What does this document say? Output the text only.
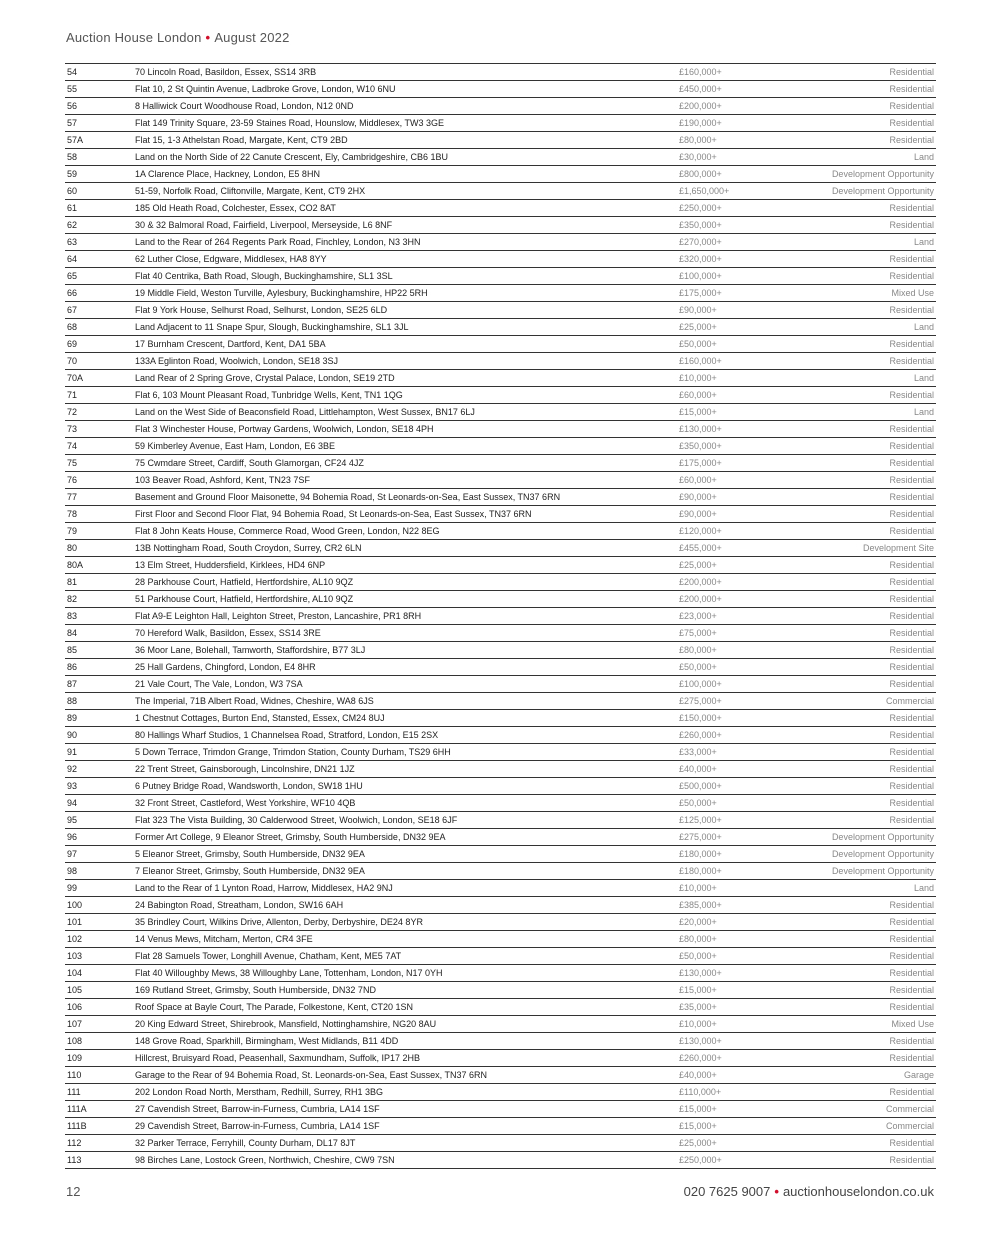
Auction House London • August 2022
54	70 Lincoln Road, Basildon, Essex, SS14 3RB	£160,000+	Residential
55	Flat 10, 2 St Quintin Avenue, Ladbroke Grove, London, W10 6NU	£450,000+	Residential
56	8 Halliwick Court Woodhouse Road, London, N12 0ND	£200,000+	Residential
57	Flat 149 Trinity Square, 23-59 Staines Road, Hounslow, Middlesex, TW3 3GE	£190,000+	Residential
57A	Flat 15, 1-3 Athelstan Road, Margate, Kent, CT9 2BD	£80,000+	Residential
58	Land on the North Side of 22 Canute Crescent, Ely, Cambridgeshire, CB6 1BU	£30,000+	Land
59	1A Clarence Place, Hackney, London, E5 8HN	£800,000+	Development Opportunity
60	51-59, Norfolk Road, Cliftonville, Margate, Kent, CT9 2HX	£1,650,000+	Development Opportunity
61	185 Old Heath Road, Colchester, Essex, CO2 8AT	£250,000+	Residential
62	30 & 32 Balmoral Road, Fairfield, Liverpool, Merseyside, L6 8NF	£350,000+	Residential
63	Land to the Rear of 264 Regents Park Road, Finchley, London, N3 3HN	£270,000+	Land
64	62 Luther Close, Edgware, Middlesex, HA8 8YY	£320,000+	Residential
65	Flat 40 Centrika, Bath Road, Slough, Buckinghamshire, SL1 3SL	£100,000+	Residential
66	19 Middle Field, Weston Turville, Aylesbury, Buckinghamshire, HP22 5RH	£175,000+	Mixed Use
67	Flat 9 York House, Selhurst Road, Selhurst, London, SE25 6LD	£90,000+	Residential
68	Land Adjacent to 11 Snape Spur, Slough, Buckinghamshire, SL1 3JL	£25,000+	Land
69	17 Burnham Crescent, Dartford, Kent, DA1 5BA	£50,000+	Residential
70	133A Eglinton Road, Woolwich, London, SE18 3SJ	£160,000+	Residential
70A	Land Rear of 2 Spring Grove, Crystal Palace, London, SE19 2TD	£10,000+	Land
71	Flat 6, 103 Mount Pleasant Road, Tunbridge Wells, Kent, TN1 1QG	£60,000+	Residential
72	Land on the West Side of Beaconsfield Road, Littlehampton, West Sussex, BN17 6LJ	£15,000+	Land
73	Flat 3 Winchester House, Portway Gardens, Woolwich, London, SE18 4PH	£130,000+	Residential
74	59 Kimberley Avenue, East Ham, London, E6 3BE	£350,000+	Residential
75	75 Cwmdare Street, Cardiff, South Glamorgan, CF24 4JZ	£175,000+	Residential
76	103 Beaver Road, Ashford, Kent, TN23 7SF	£60,000+	Residential
77	Basement and Ground Floor Maisonette, 94 Bohemia Road, St Leonards-on-Sea, East Sussex, TN37 6RN	£90,000+	Residential
78	First Floor and Second Floor Flat, 94 Bohemia Road, St Leonards-on-Sea, East Sussex, TN37 6RN	£90,000+	Residential
79	Flat 8 John Keats House, Commerce Road, Wood Green, London, N22 8EG	£120,000+	Residential
80	13B Nottingham Road, South Croydon, Surrey, CR2 6LN	£455,000+	Development Site
80A	13 Elm Street, Huddersfield, Kirklees, HD4 6NP	£25,000+	Residential
81	28 Parkhouse Court, Hatfield, Hertfordshire, AL10 9QZ	£200,000+	Residential
82	51 Parkhouse Court, Hatfield, Hertfordshire, AL10 9QZ	£200,000+	Residential
83	Flat A9-E Leighton Hall, Leighton Street, Preston, Lancashire, PR1 8RH	£23,000+	Residential
84	70 Hereford Walk, Basildon, Essex, SS14 3RE	£75,000+	Residential
85	36 Moor Lane, Bolehall, Tamworth, Staffordshire, B77 3LJ	£80,000+	Residential
86	25 Hall Gardens, Chingford, London, E4 8HR	£50,000+	Residential
87	21 Vale Court, The Vale, London, W3 7SA	£100,000+	Residential
88	The Imperial, 71B Albert Road, Widnes, Cheshire, WA8 6JS	£275,000+	Commercial
89	1 Chestnut Cottages, Burton End, Stansted, Essex, CM24 8UJ	£150,000+	Residential
90	80 Hallings Wharf Studios, 1 Channelsea Road, Stratford, London, E15 2SX	£260,000+	Residential
91	5 Down Terrace, Trimdon Grange, Trimdon Station, County Durham, TS29 6HH	£33,000+	Residential
92	22 Trent Street, Gainsborough, Lincolnshire, DN21 1JZ	£40,000+	Residential
93	6 Putney Bridge Road, Wandsworth, London, SW18 1HU	£500,000+	Residential
94	32 Front Street, Castleford, West Yorkshire, WF10 4QB	£50,000+	Residential
95	Flat 323 The Vista Building, 30 Calderwood Street, Woolwich, London, SE18 6JF	£125,000+	Residential
96	Former Art College, 9 Eleanor Street, Grimsby, South Humberside, DN32 9EA	£275,000+	Development Opportunity
97	5 Eleanor Street, Grimsby, South Humberside, DN32 9EA	£180,000+	Development Opportunity
98	7 Eleanor Street, Grimsby, South Humberside, DN32 9EA	£180,000+	Development Opportunity
99	Land to the Rear of 1 Lynton Road, Harrow, Middlesex, HA2 9NJ	£10,000+	Land
100	24 Babington Road, Streatham, London, SW16 6AH	£385,000+	Residential
101	35 Brindley Court, Wilkins Drive, Allenton, Derby, Derbyshire, DE24 8YR	£20,000+	Residential
102	14 Venus Mews, Mitcham, Merton, CR4 3FE	£80,000+	Residential
103	Flat 28 Samuels Tower, Longhill Avenue, Chatham, Kent, ME5 7AT	£50,000+	Residential
104	Flat 40 Willoughby Mews, 38 Willoughby Lane, Tottenham, London, N17 0YH	£130,000+	Residential
105	169 Rutland Street, Grimsby, South Humberside, DN32 7ND	£15,000+	Residential
106	Roof Space at Bayle Court, The Parade, Folkestone, Kent, CT20 1SN	£35,000+	Residential
107	20 King Edward Street, Shirebrook, Mansfield, Nottinghamshire, NG20 8AU	£10,000+	Mixed Use
108	148 Grove Road, Sparkhill, Birmingham, West Midlands, B11 4DD	£130,000+	Residential
109	Hillcrest, Bruisyard Road, Peasenhall, Saxmundham, Suffolk, IP17 2HB	£260,000+	Residential
110	Garage to the Rear of 94 Bohemia Road, St. Leonards-on-Sea, East Sussex, TN37 6RN	£40,000+	Garage
111	202 London Road North, Merstham, Redhill, Surrey, RH1 3BG	£110,000+	Residential
111A	27 Cavendish Street, Barrow-in-Furness, Cumbria, LA14 1SF	£15,000+	Commercial
111B	29 Cavendish Street, Barrow-in-Furness, Cumbria, LA14 1SF	£15,000+	Commercial
112	32 Parker Terrace, Ferryhill, County Durham, DL17 8JT	£25,000+	Residential
113	98 Birches Lane, Lostock Green, Northwich, Cheshire, CW9 7SN	£250,000+	Residential
12	020 7625 9007 • auctionhouselondon.co.uk
